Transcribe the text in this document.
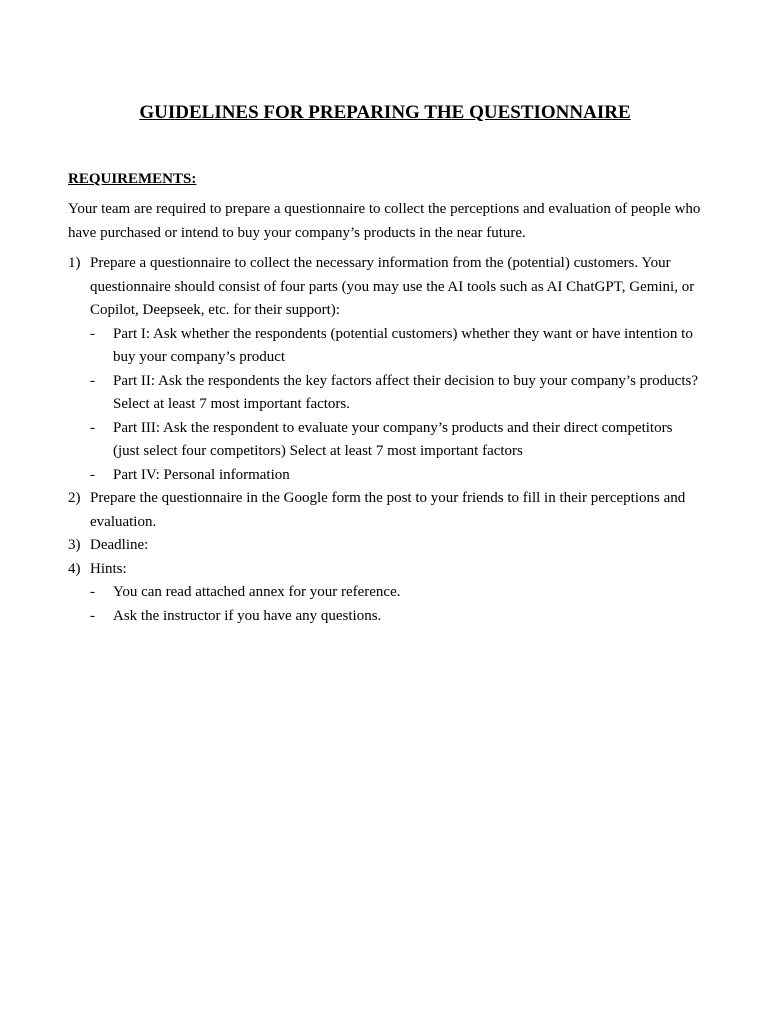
GUIDELINES FOR PREPARING THE QUESTIONNAIRE
REQUIREMENTS:

Your team are required to prepare a questionnaire to collect the perceptions and evaluation of people who have purchased or intend to buy your company’s products in the near future.

1) Prepare a questionnaire to collect the necessary information from the (potential) customers. Your questionnaire should consist of four parts (you may use the AI tools such as AI ChatGPT, Gemini, or Copilot, Deepseek, etc. for their support):
- Part I: Ask whether the respondents (potential customers) whether they want or have intention to buy your company’s product
- Part II: Ask the respondents the key factors affect their decision to buy your company’s products? Select at least 7 most important factors.
- Part III: Ask the respondent to evaluate your company’s products and their direct competitors (just select four competitors) Select at least 7 most important factors
- Part IV: Personal information
2) Prepare the questionnaire in the Google form the post to your friends to fill in their perceptions and evaluation.
3) Deadline:
4) Hints:
- You can read attached annex for your reference.
- Ask the instructor if you have any questions.
